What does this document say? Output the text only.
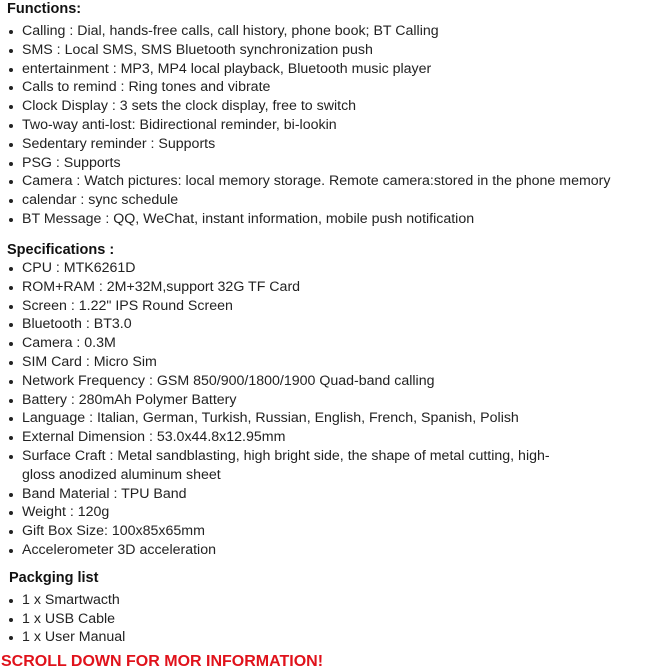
Functions:
Calling : Dial, hands-free calls, call history, phone book; BT Calling
SMS : Local SMS, SMS Bluetooth synchronization push
entertainment : MP3, MP4 local playback, Bluetooth music player
Calls to remind : Ring tones and vibrate
Clock Display : 3 sets the clock display, free to switch
Two-way anti-lost: Bidirectional reminder, bi-lookin
Sedentary reminder : Supports
PSG : Supports
Camera : Watch pictures: local memory storage. Remote camera:stored in the phone memory
calendar : sync schedule
BT Message : QQ, WeChat, instant information, mobile push notification
Specifications :
CPU : MTK6261D
ROM+RAM : 2M+32M,support 32G TF Card
Screen : 1.22" IPS Round Screen
Bluetooth : BT3.0
Camera : 0.3M
SIM Card : Micro Sim
Network Frequency : GSM 850/900/1800/1900 Quad-band calling
Battery : 280mAh Polymer Battery
Language : Italian, German, Turkish, Russian, English, French, Spanish, Polish
External Dimension : 53.0x44.8x12.95mm
Surface Craft : Metal sandblasting, high bright side, the shape of metal cutting, high-gloss anodized aluminum sheet
Band Material : TPU Band
Weight : 120g
Gift Box Size: 100x85x65mm
Accelerometer 3D acceleration
Packging list
1 x Smartwacth
1 x USB Cable
1 x User Manual
SCROLL DOWN FOR MOR INFORMATION!
